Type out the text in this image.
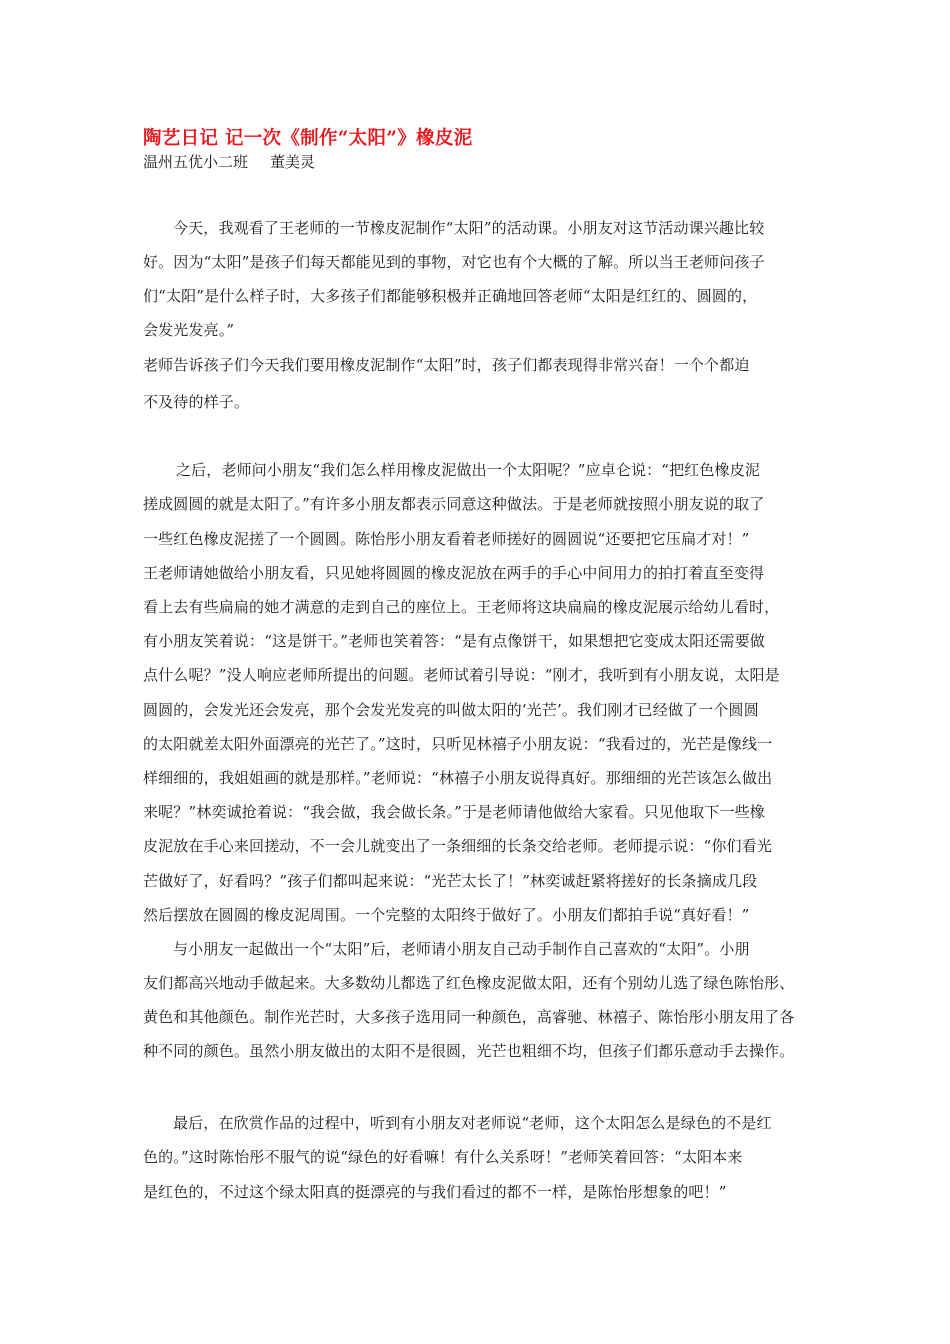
陶艺日记 记一次《制作“太阳”》橡皮泥
温州五优小二班 董美灵
今天，我观看了王老师的一节橡皮泥制作“太阳”的活动课。小朋友对这节活动课兴趣比较
好。因为“太阳”是孩子们每天都能见到的事物，对它也有个大概的了解。所以当王老师问孩子
们“太阳”是什么样子时，大多孩子们都能够积极并正确地回答老师“太阳是红红的、圆圆的，
会发光发亮。”
老师告诉孩子们今天我们要用橡皮泥制作“太阳”时，孩子们都表现得非常兴奋！一个个都迫
不及待的样子。
之后，老师问小朋友“我们怎么样用橡皮泥做出一个太阳呢？”应卓仑说：“把红色橡皮泥
搓成圆圆的就是太阳了。”有许多小朋友都表示同意这种做法。于是老师就按照小朋友说的取了
一些红色橡皮泥搓了一个圆圆。陈怡彤小朋友看着老师搓好的圆圆说“还要把它压扁才对！”
王老师请她做给小朋友看，只见她将圆圆的橡皮泥放在两手的手心中间用力的拍打着直至变得
看上去有些扁扁的她才满意的走到自己的座位上。王老师将这块扁扁的橡皮泥展示给幼儿看时，
有小朋友笑着说：“这是饼干。”老师也笑着答：“是有点像饼干，如果想把它变成太阳还需要做
点什么呢？”没人响应老师所提出的问题。老师试着引导说：“刚才，我听到有小朋友说，太阳是
圆圆的，会发光还会发亮，那个会发光发亮的叫做太阳的‘光芒’。我们刚才已经做了一个圆圆
的太阳就差太阳外面漂亮的光芒了。”这时，只听见林禧子小朋友说：“我看过的，光芒是像线一
样细细的，我姐姐画的就是那样。”老师说：“林禧子小朋友说得真好。那细细的光芒该怎么做出
来呢？”林奕诚抢着说：“我会做，我会做长条。”于是老师请他做给大家看。只见他取下一些橡
皮泥放在手心来回搓动，不一会儿就变出了一条细细的长条交给老师。老师提示说：“你们看光
芒做好了，好看吗？”孩子们都叫起来说：“光芒太长了！”林奕诚赶紧将搓好的长条摘成几段
然后摆放在圆圆的橡皮泥周围。一个完整的太阳终于做好了。小朋友们都拍手说“真好看！”
与小朋友一起做出一个“太阳”后，老师请小朋友自己动手制作自己喜欢的“太阳”。小朋
友们都高兴地动手做起来。大多数幼儿都选了红色橡皮泥做太阳，还有个别幼儿选了绿色陈怡彤、
黄色和其他颜色。制作光芒时，大多孩子选用同一种颜色，高睿驰、林禧子、陈怡彤小朋友用了各
种不同的颜色。虽然小朋友做出的太阳不是很圆，光芒也粗细不均，但孩子们都乐意动手去操作。
最后，在欣赏作品的过程中，听到有小朋友对老师说“老师，这个太阳怎么是绿色的不是红
色的。”这时陈怡彤不服气的说“绿色的好看嘛！有什么关系呀！”老师笑着回答：“太阳本来
是红色的，不过这个绿太阳真的挺漂亮的与我们看过的都不一样，是陈怡彤想象的吧！”
